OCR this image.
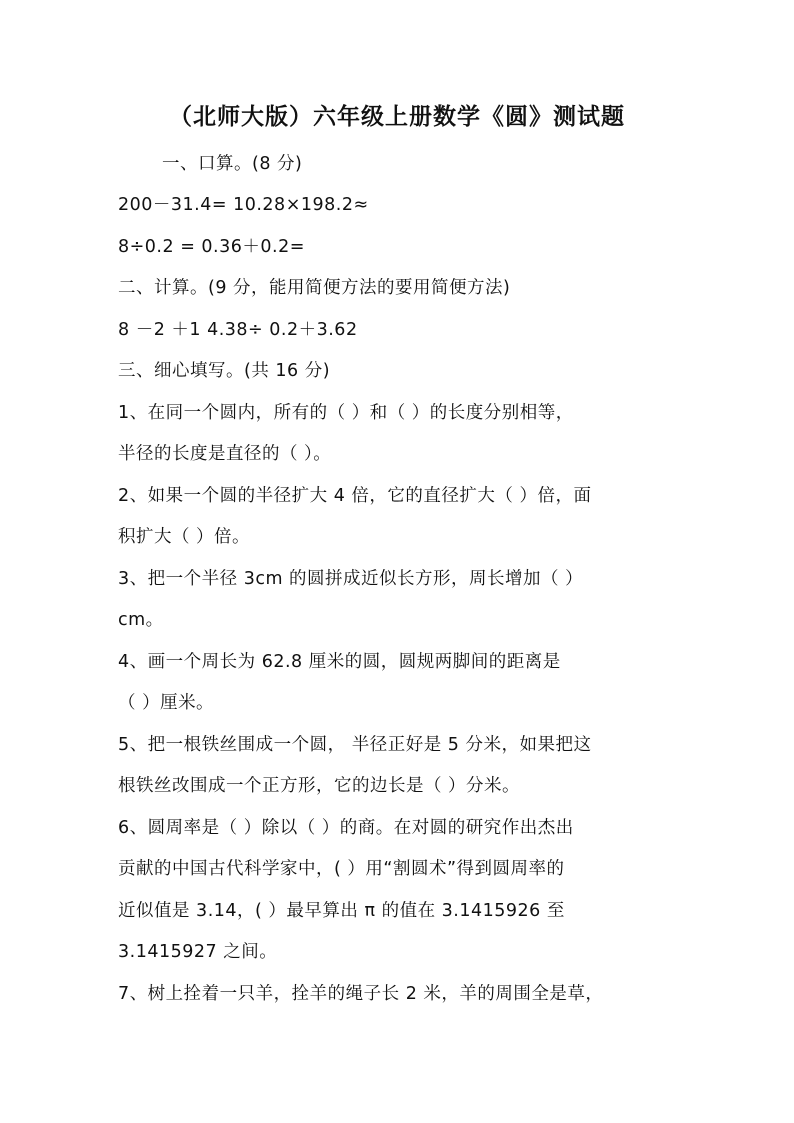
（北师大版）六年级上册数学《圆》测试题
一、口算。(8 分)
200－31.4= 10.28×198.2≈
8÷0.2 = 0.36＋0.2=
二、计算。(9 分，能用简便方法的要用简便方法)
8 －2 ＋1 4.38÷ 0.2＋3.62
三、细心填写。(共 16 分)
1、在同一个圆内，所有的（ ）和（ ）的长度分别相等，
半径的长度是直径的（ ）。
2、如果一个圆的半径扩大 4 倍，它的直径扩大（ ）倍，面
积扩大（ ）倍。
3、把一个半径 3cm 的圆拼成近似长方形，周长增加（ ）
cm。
4、画一个周长为 62.8 厘米的圆，圆规两脚间的距离是
（ ）厘米。
5、把一根铁丝围成一个圆， 半径正好是 5 分米，如果把这
根铁丝改围成一个正方形，它的边长是（ ）分米。
6、圆周率是（ ）除以（ ）的商。在对圆的研究作出杰出
贡献的中国古代科学家中，( ）用“割圆术”得到圆周率的
近似值是 3.14，( ）最早算出 π 的值在 3.1415926 至
3.1415927 之间。
7、树上拴着一只羊，拴羊的绳子长 2 米，羊的周围全是草，
